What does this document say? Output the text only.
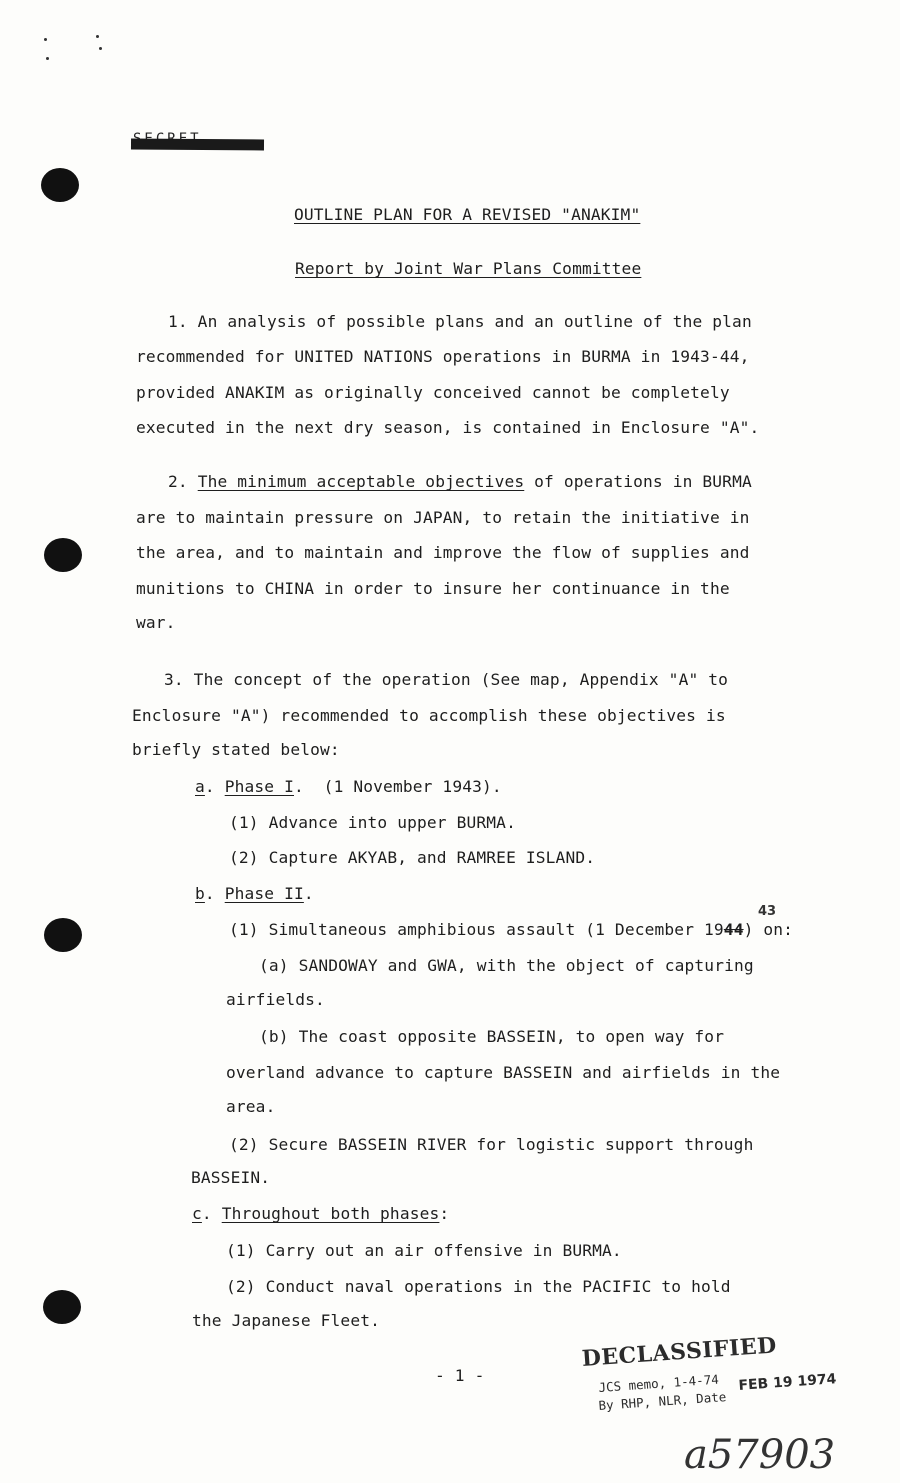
OUTLINE PLAN FOR A REVISED "ANAKIM"
Report by Joint War Plans Committee
1. An analysis of possible plans and an outline of the plan
recommended for UNITED NATIONS operations in BURMA in 1943-44,
provided ANAKIM as originally conceived cannot be completely
executed in the next dry season, is contained in Enclosure "A".
2. The minimum acceptable objectives of operations in BURMA
are to maintain pressure on JAPAN, to retain the initiative in
the area, and to maintain and improve the flow of supplies and
munitions to CHINA in order to insure her continuance in the
war.
3. The concept of the operation (See map, Appendix "A" to
Enclosure "A") recommended to accomplish these objectives is
briefly stated below:
a. Phase I.  (1 November 1943).
(1) Advance into upper BURMA.
(2) Capture AKYAB, and RAMREE ISLAND.
b. Phase II.
43
(1) Simultaneous amphibious assault (1 December 1944) on:
(a) SANDOWAY and GWA, with the object of capturing
airfields.
(b) The coast opposite BASSEIN, to open way for
overland advance to capture BASSEIN and airfields in the
area.
(2) Secure BASSEIN RIVER for logistic support through
BASSEIN.
c. Throughout both phases:
(1) Carry out an air offensive in BURMA.
(2) Conduct naval operations in the PACIFIC to hold
the Japanese Fleet.
- 1 -
DECLASSIFIED
JCS memo, 1-4-74
By RHP, NLR, Date
FEB 19 1974
a57903
